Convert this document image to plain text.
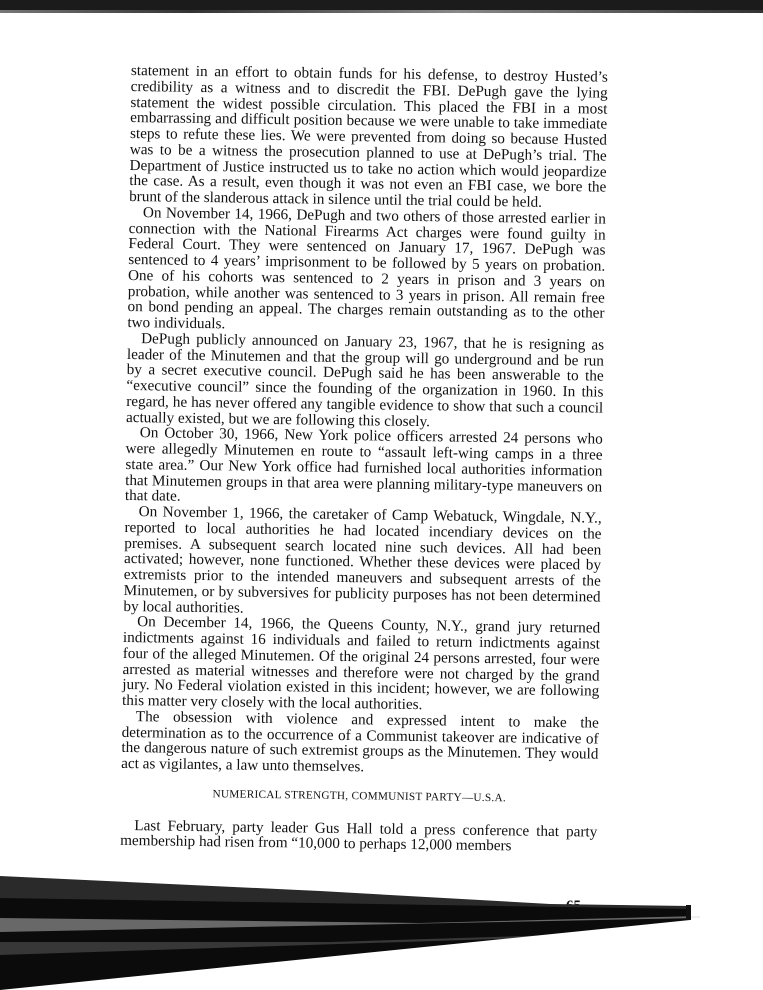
statement in an effort to obtain funds for his defense, to destroy Husted’s credibility as a witness and to discredit the FBI. DePugh gave the lying statement the widest possible circulation. This placed the FBI in a most embarrassing and difficult position because we were unable to take immediate steps to refute these lies. We were prevented from doing so because Husted was to be a witness the prosecution planned to use at DePugh’s trial. The Department of Justice instructed us to take no action which would jeopardize the case. As a result, even though it was not even an FBI case, we bore the brunt of the slanderous attack in silence until the trial could be held.

On November 14, 1966, DePugh and two others of those arrested earlier in connection with the National Firearms Act charges were found guilty in Federal Court. They were sentenced on January 17, 1967. DePugh was sentenced to 4 years’ imprisonment to be followed by 5 years on probation. One of his cohorts was sentenced to 2 years in prison and 3 years on probation, while another was sentenced to 3 years in prison. All remain free on bond pending an appeal. The charges remain outstanding as to the other two individuals.

DePugh publicly announced on January 23, 1967, that he is resigning as leader of the Minutemen and that the group will go underground and be run by a secret executive council. DePugh said he has been answerable to the “executive council” since the founding of the organization in 1960. In this regard, he has never offered any tangible evidence to show that such a council actually existed, but we are following this closely.

On October 30, 1966, New York police officers arrested 24 persons who were allegedly Minutemen en route to “assault left-wing camps in a three state area.” Our New York office had furnished local authorities information that Minutemen groups in that area were planning military-type maneuvers on that date.

On November 1, 1966, the caretaker of Camp Webatuck, Wingdale, N.Y., reported to local authorities he had located incendiary devices on the premises. A subsequent search located nine such devices. All had been activated; however, none functioned. Whether these devices were placed by extremists prior to the intended maneuvers and subsequent arrests of the Minutemen, or by subversives for publicity purposes has not been determined by local authorities.

On December 14, 1966, the Queens County, N.Y., grand jury returned indictments against 16 individuals and failed to return indictments against four of the alleged Minutemen. Of the original 24 persons arrested, four were arrested as material witnesses and therefore were not charged by the grand jury. No Federal violation existed in this incident; however, we are following this matter very closely with the local authorities.

The obsession with violence and expressed intent to make the determination as to the occurrence of a Communist takeover are indicative of the dangerous nature of such extremist groups as the Minutemen. They would act as vigilantes, a law unto themselves.

NUMERICAL STRENGTH, COMMUNIST PARTY—U.S.A.

Last February, party leader Gus Hall told a press conference that party membership had risen from “10,000 to perhaps 12,000 members
